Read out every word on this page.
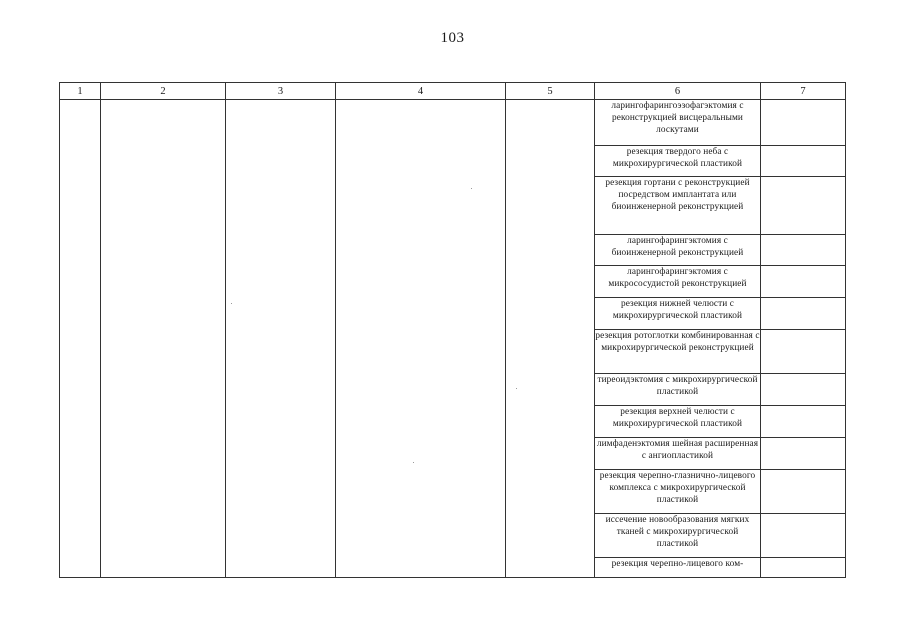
103
1	2	3	4	5	6	7
					ларингофарингоэзофагэктомия с реконструкцией висцеральными лоскутами	
					резекция твердого неба с микрохирургической пластикой	
					резекция гортани с реконструкцией посредством имплантата или биоинженерной реконструкцией	
					ларингофарингэктомия с биоинженерной реконструкцией	
					ларингофарингэктомия с микрососудистой реконструкцией	
					резекция нижней челюсти с микрохирургической пластикой	
					резекция ротоглотки комбинированная с микрохирургической реконструкцией	
					тиреоидэктомия с микрохирургической пластикой	
					резекция верхней челюсти с микрохирургической пластикой	
					лимфаденэктомия шейная расширенная с ангиопластикой	
					резекция черепно-глазнично-лицевого комплекса с микрохирургической пластикой	
					иссечение новообразования мягких тканей с микрохирургической пластикой	
					резекция черепно-лицевого ком-	
